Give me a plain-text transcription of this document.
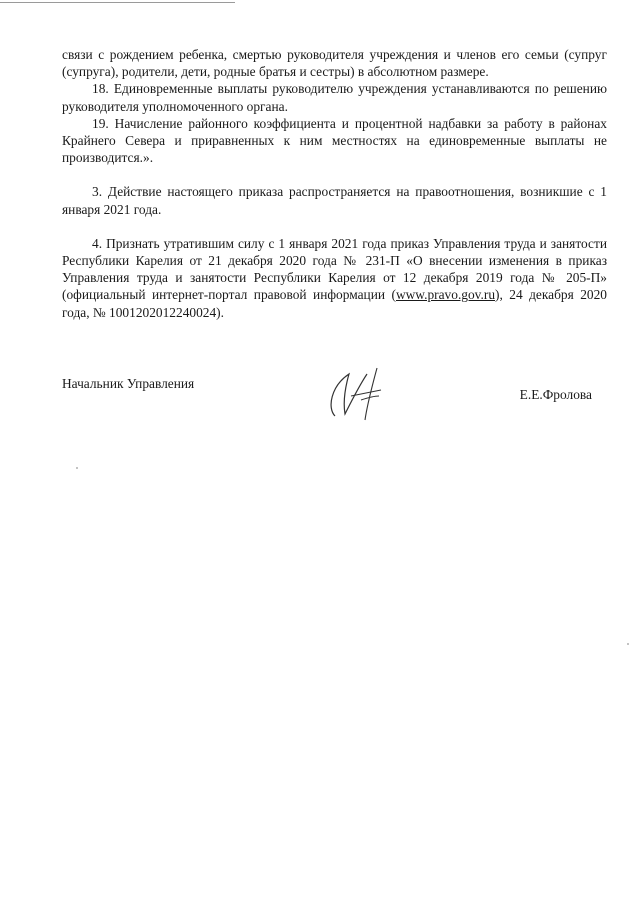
связи с рождением ребенка, смертью руководителя учреждения и членов его семьи (супруг (супруга), родители, дети, родные братья и сестры) в абсолютном размере.

18. Единовременные выплаты руководителю учреждения устанавливаются по решению руководителя уполномоченного органа.

19. Начисление районного коэффициента и процентной надбавки за работу в районах Крайнего Севера и приравненных к ним местностях на единовременные выплаты не производится.».

3. Действие настоящего приказа распространяется на правоотношения, возникшие с 1 января 2021 года.

4. Признать утратившим силу с 1 января 2021 года приказ Управления труда и занятости Республики Карелия от 21 декабря 2020 года № 231-П «О внесении изменения в приказ Управления труда и занятости Республики Карелия от 12 декабря 2019 года № 205-П» (официальный интернет-портал правовой информации (www.pravo.gov.ru), 24 декабря 2020 года, № 1001202012240024).

Начальник Управления
Е.Е.Фролова
